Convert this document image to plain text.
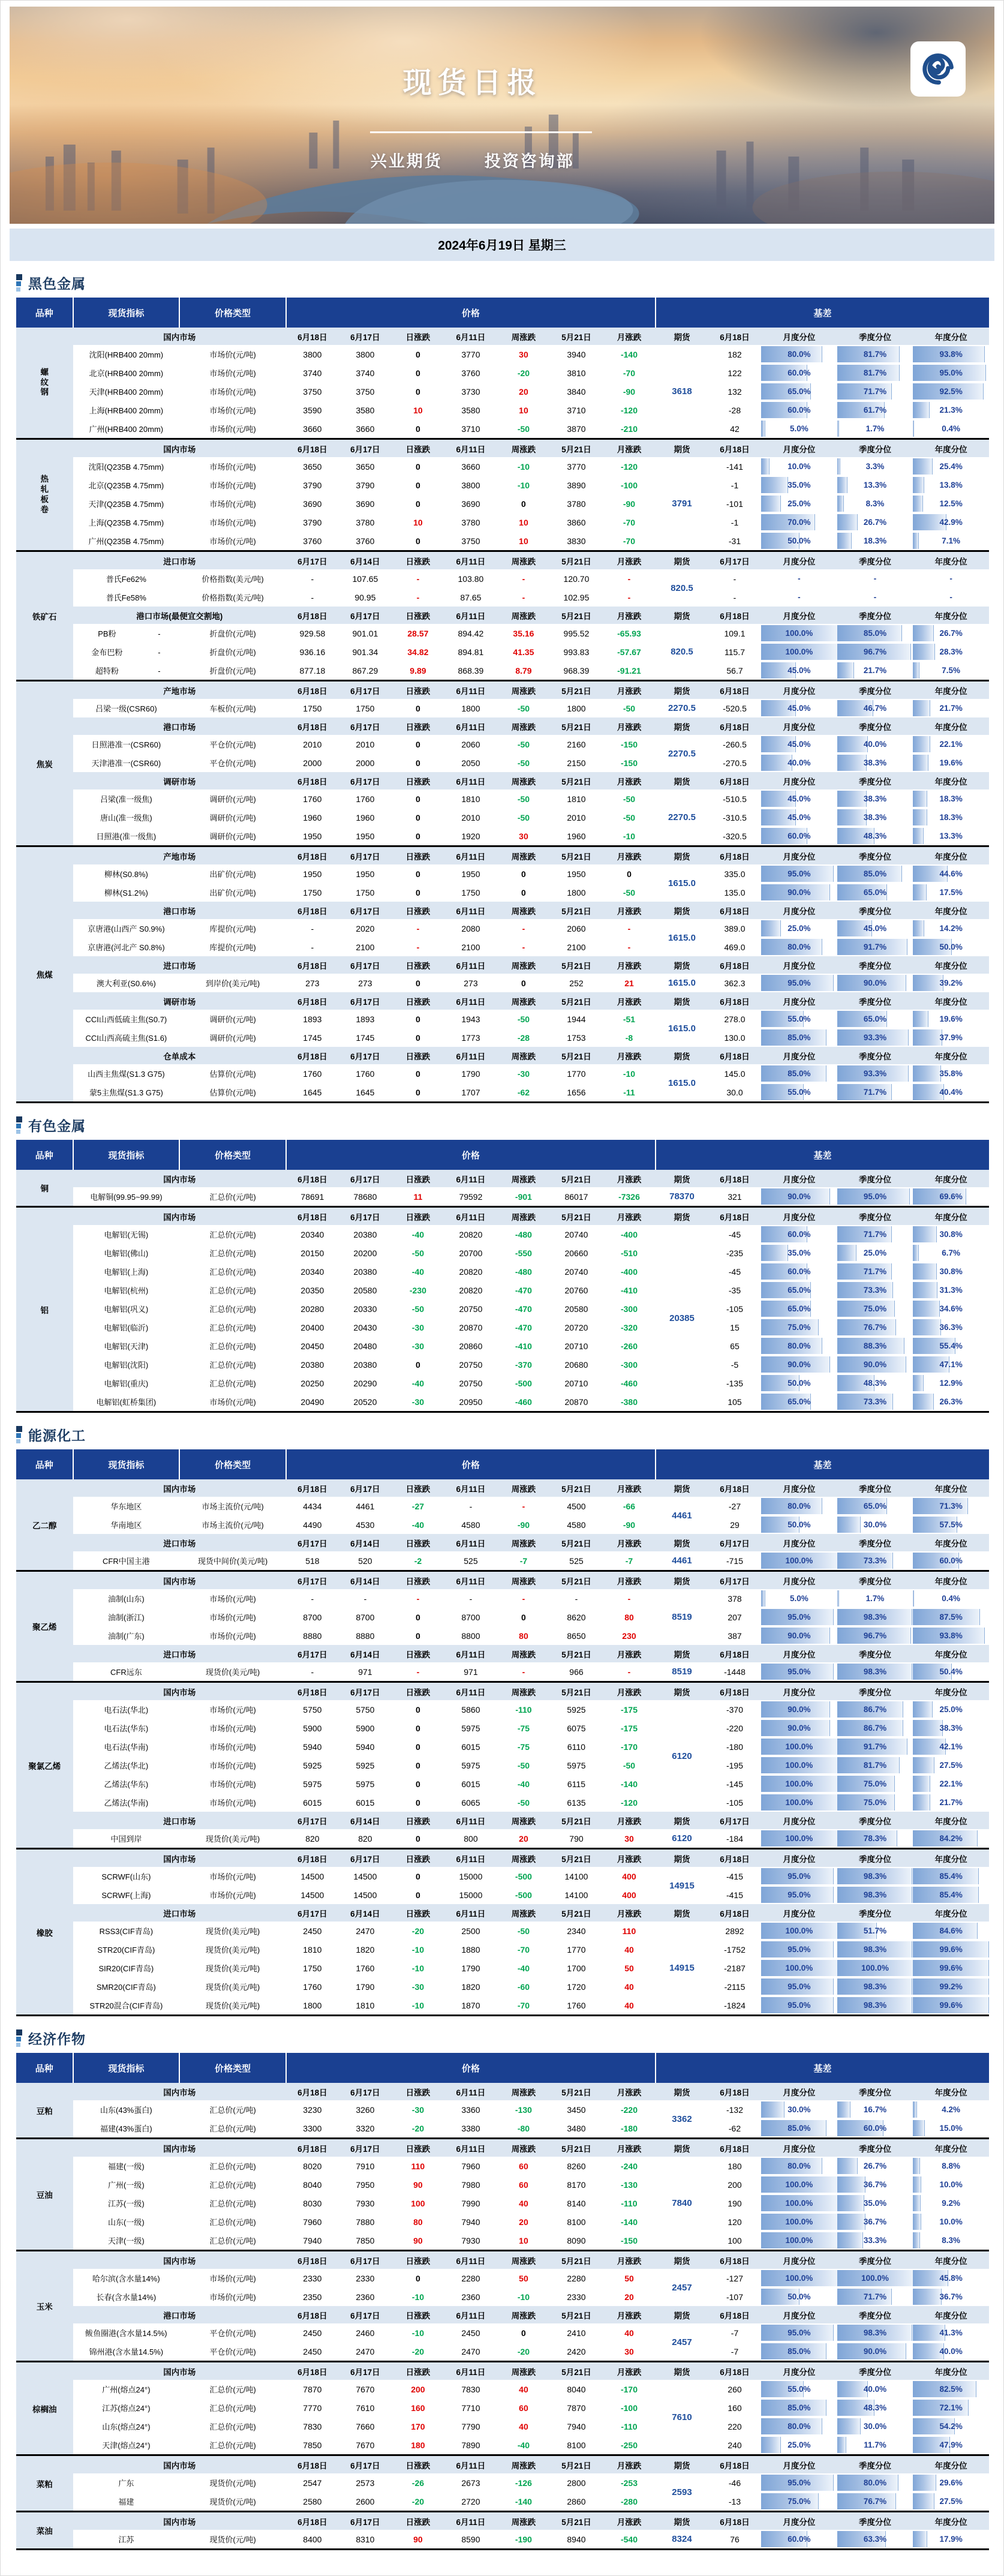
现货日报
兴业期货	投资咨询部
2024年6月19日 星期三
黑色金属
品种	现货指标	价格类型	价格							基差				

螺纹钢	国内市场		6月18日	6月17日	日涨跌	6月11日	周涨跌	5月21日	月涨跌	期货	6月18日	月度分位	季度分位	年度分位
	沈阳(HRB400 20mm)	市场价(元/吨)	3800	3800	0	3770	30	3940	-140	3618	182	80.0%	81.7%	93.8%

	北京(HRB400 20mm)	市场价(元/吨)	3740	3740	0	3760	-20	3810	-70		122	60.0%	81.7%	95.0%

	天津(HRB400 20mm)	市场价(元/吨)	3750	3750	0	3730	20	3840	-90		132	65.0%	71.7%	92.5%

	上海(HRB400 20mm)	市场价(元/吨)	3590	3580	10	3580	10	3710	-120		-28	60.0%	61.7%	21.3%

	广州(HRB400 20mm)	市场价(元/吨)	3660	3660	0	3710	-50	3870	-210		42	5.0%	1.7%	0.4%

热轧板卷	国内市场		6月18日	6月17日	日涨跌	6月11日	周涨跌	5月21日	月涨跌	期货	6月18日	月度分位	季度分位	年度分位
	沈阳(Q235B 4.75mm)	市场价(元/吨)	3650	3650	0	3660	-10	3770	-120	3791	-141	10.0%	3.3%	25.4%

	北京(Q235B 4.75mm)	市场价(元/吨)	3790	3790	0	3800	-10	3890	-100		-1	35.0%	13.3%	13.8%

	天津(Q235B 4.75mm)	市场价(元/吨)	3690	3690	0	3690	0	3780	-90		-101	25.0%	8.3%	12.5%

	上海(Q235B 4.75mm)	市场价(元/吨)	3790	3780	10	3780	10	3860	-70		-1	70.0%	26.7%	42.9%

	广州(Q235B 4.75mm)	市场价(元/吨)	3760	3760	0	3750	10	3830	-70		-31	50.0%	18.3%	7.1%

铁矿石	进口市场		6月17日	6月14日	日涨跌	6月11日	周涨跌	5月21日	月涨跌	期货	6月17日	月度分位	季度分位	年度分位
	普氏Fe62%	价格指数(美元/吨)	-	107.65	-	103.80	-	120.70	-	820.5	-	-	-	-

	普氏Fe58%	价格指数(美元/吨)	-	90.95	-	87.65	-	102.95	-		-	-	-	-

	港口市场(最便宜交割地)		6月18日	6月17日	日涨跌	6月11日	周涨跌	5月21日	月涨跌	期货	6月18日	月度分位	季度分位	年度分位
	PB粉 -	折盘价(元/吨)	929.58	901.01	28.57	894.42	35.16	995.52	-65.93	820.5	109.1	100.0%	85.0%	26.7%

	金布巴粉 -	折盘价(元/吨)	936.16	901.34	34.82	894.81	41.35	993.83	-57.67		115.7	100.0%	96.7%	28.3%

	超特粉 -	折盘价(元/吨)	877.18	867.29	9.89	868.39	8.79	968.39	-91.21		56.7	45.0%	21.7%	7.5%

焦炭	产地市场		6月18日	6月17日	日涨跌	6月11日	周涨跌	5月21日	月涨跌	期货	6月18日	月度分位	季度分位	年度分位
	吕梁一级(CSR60)	车板价(元/吨)	1750	1750	0	1800	-50	1800	-50	2270.5	-520.5	45.0%	46.7%	21.7%

	港口市场		6月18日	6月17日	日涨跌	6月11日	周涨跌	5月21日	月涨跌	期货	6月18日	月度分位	季度分位	年度分位
	日照港准一(CSR60)	平仓价(元/吨)	2010	2010	0	2060	-50	2160	-150	2270.5	-260.5	45.0%	40.0%	22.1%

	天津港准一(CSR60)	平仓价(元/吨)	2000	2000	0	2050	-50	2150	-150		-270.5	40.0%	38.3%	19.6%

	调研市场		6月18日	6月17日	日涨跌	6月11日	周涨跌	5月21日	月涨跌	期货	6月18日	月度分位	季度分位	年度分位
	吕梁(准一级焦)	调研价(元/吨)	1760	1760	0	1810	-50	1810	-50	2270.5	-510.5	45.0%	38.3%	18.3%

	唐山(准一级焦)	调研价(元/吨)	1960	1960	0	2010	-50	2010	-50		-310.5	45.0%	38.3%	18.3%

	日照港(准一级焦)	调研价(元/吨)	1950	1950	0	1920	30	1960	-10		-320.5	60.0%	48.3%	13.3%

焦煤	产地市场		6月18日	6月17日	日涨跌	6月11日	周涨跌	5月21日	月涨跌	期货	6月18日	月度分位	季度分位	年度分位
	柳林(S0.8%)	出矿价(元/吨)	1950	1950	0	1950	0	1950	0	1615.0	335.0	95.0%	85.0%	44.6%

	柳林(S1.2%)	出矿价(元/吨)	1750	1750	0	1750	0	1800	-50		135.0	90.0%	65.0%	17.5%

	港口市场		6月18日	6月17日	日涨跌	6月11日	周涨跌	5月21日	月涨跌	期货	6月18日	月度分位	季度分位	年度分位
	京唐港(山西产 S0.9%)	库提价(元/吨)	-	2020	-	2080	-	2060	-	1615.0	389.0	25.0%	45.0%	14.2%

	京唐港(河北产 S0.8%)	库提价(元/吨)	-	2100	-	2100	-	2100	-		469.0	80.0%	91.7%	50.0%

	进口市场		6月18日	6月17日	日涨跌	6月11日	周涨跌	5月21日	月涨跌	期货	6月18日	月度分位	季度分位	年度分位
	澳大利亚(S0.6%)	到岸价(美元/吨)	273	273	0	273	0	252	21	1615.0	362.3	95.0%	90.0%	39.2%

	调研市场		6月18日	6月17日	日涨跌	6月11日	周涨跌	5月21日	月涨跌	期货	6月18日	月度分位	季度分位	年度分位
	CCI山西低硫主焦(S0.7)	调研价(元/吨)	1893	1893	0	1943	-50	1944	-51	1615.0	278.0	55.0%	65.0%	19.6%

	CCI山西高硫主焦(S1.6)	调研价(元/吨)	1745	1745	0	1773	-28	1753	-8		130.0	85.0%	93.3%	37.9%

	仓单成本		6月18日	6月17日	日涨跌	6月11日	周涨跌	5月21日	月涨跌	期货	6月18日	月度分位	季度分位	年度分位
	山西主焦煤(S1.3 G75)	估算价(元/吨)	1760	1760	0	1790	-30	1770	-10	1615.0	145.0	85.0%	93.3%	35.8%

	蒙5主焦煤(S1.3 G75)	估算价(元/吨)	1645	1645	0	1707	-62	1656	-11		30.0	55.0%	71.7%	40.4%
有色金属
品种	现货指标	价格类型	价格							基差				

铜	国内市场		6月18日	6月17日	日涨跌	6月11日	周涨跌	5月21日	月涨跌	期货	6月18日	月度分位	季度分位	年度分位
	电解铜(99.95~99.99)	汇总价(元/吨)	78691	78680	11	79592	-901	86017	-7326	78370	321	90.0%	95.0%	69.6%

铝	国内市场		6月18日	6月17日	日涨跌	6月11日	周涨跌	5月21日	月涨跌	期货	6月18日	月度分位	季度分位	年度分位
	电解铝(无锡)	汇总价(元/吨)	20340	20380	-40	20820	-480	20740	-400	20385	-45	60.0%	71.7%	30.8%

	电解铝(佛山)	汇总价(元/吨)	20150	20200	-50	20700	-550	20660	-510		-235	35.0%	25.0%	6.7%

	电解铝(上海)	汇总价(元/吨)	20340	20380	-40	20820	-480	20740	-400		-45	60.0%	71.7%	30.8%

	电解铝(杭州)	汇总价(元/吨)	20350	20580	-230	20820	-470	20760	-410		-35	65.0%	73.3%	31.3%

	电解铝(巩义)	汇总价(元/吨)	20280	20330	-50	20750	-470	20580	-300		-105	65.0%	75.0%	34.6%

	电解铝(临沂)	汇总价(元/吨)	20400	20430	-30	20870	-470	20720	-320		15	75.0%	76.7%	36.3%

	电解铝(天津)	汇总价(元/吨)	20450	20480	-30	20860	-410	20710	-260		65	80.0%	88.3%	55.4%

	电解铝(沈阳)	汇总价(元/吨)	20380	20380	0	20750	-370	20680	-300		-5	90.0%	90.0%	47.1%

	电解铝(重庆)	汇总价(元/吨)	20250	20290	-40	20750	-500	20710	-460		-135	50.0%	48.3%	12.9%

	电解铝(虹桥集团)	市场价(元/吨)	20490	20520	-30	20950	-460	20870	-380		105	65.0%	73.3%	26.3%
能源化工
品种	现货指标	价格类型	价格							基差				

乙二醇	国内市场		6月18日	6月17日	日涨跌	6月11日	周涨跌	5月21日	月涨跌	期货	6月18日	月度分位	季度分位	年度分位
	华东地区	市场主流价(元/吨)	4434	4461	-27	-	-	4500	-66	4461	-27	80.0%	65.0%	71.3%

	华南地区	市场主流价(元/吨)	4490	4530	-40	4580	-90	4580	-90		29	50.0%	30.0%	57.5%

	进口市场		6月17日	6月14日	日涨跌	6月11日	周涨跌	5月21日	月涨跌	期货	6月17日	月度分位	季度分位	年度分位
	CFR中国主港	现货中间价(美元/吨)	518	520	-2	525	-7	525	-7	4461	-715	100.0%	73.3%	60.0%

聚乙烯	国内市场		6月17日	6月14日	日涨跌	6月11日	周涨跌	5月21日	月涨跌	期货	6月17日	月度分位	季度分位	年度分位
	油制(山东)	市场价(元/吨)	-	-	-	-	-	-	-	8519	378	5.0%	1.7%	0.4%

	油制(浙江)	市场价(元/吨)	8700	8700	0	8700	0	8620	80		207	95.0%	98.3%	87.5%

	油制(广东)	市场价(元/吨)	8880	8880	0	8800	80	8650	230		387	90.0%	96.7%	93.8%

	进口市场		6月17日	6月14日	日涨跌	6月11日	周涨跌	5月21日	月涨跌	期货	6月18日	月度分位	季度分位	年度分位
	CFR远东	现货价(美元/吨)	-	971	-	971	-	966	-	8519	-1448	95.0%	98.3%	50.4%

聚氯乙烯	国内市场		6月18日	6月17日	日涨跌	6月11日	周涨跌	5月21日	月涨跌	期货	6月18日	月度分位	季度分位	年度分位
	电石法(华北)	市场价(元/吨)	5750	5750	0	5860	-110	5925	-175	6120	-370	90.0%	86.7%	25.0%

	电石法(华东)	市场价(元/吨)	5900	5900	0	5975	-75	6075	-175		-220	90.0%	86.7%	38.3%

	电石法(华南)	市场价(元/吨)	5940	5940	0	6015	-75	6110	-170		-180	100.0%	91.7%	42.1%

	乙烯法(华北)	市场价(元/吨)	5925	5925	0	5975	-50	5975	-50		-195	100.0%	81.7%	27.5%

	乙烯法(华东)	市场价(元/吨)	5975	5975	0	6015	-40	6115	-140		-145	100.0%	75.0%	22.1%

	乙烯法(华南)	市场价(元/吨)	6015	6015	0	6065	-50	6135	-120		-105	100.0%	75.0%	21.7%

	进口市场		6月17日	6月14日	日涨跌	6月11日	周涨跌	5月21日	月涨跌	期货	6月17日	月度分位	季度分位	年度分位
	中国到岸	现货价(美元/吨)	820	820	0	800	20	790	30	6120	-184	100.0%	78.3%	84.2%

橡胶	国内市场		6月18日	6月17日	日涨跌	6月11日	周涨跌	5月21日	月涨跌	期货	6月18日	月度分位	季度分位	年度分位
	SCRWF(山东)	市场价(元/吨)	14500	14500	0	15000	-500	14100	400	14915	-415	95.0%	98.3%	85.4%

	SCRWF(上海)	市场价(元/吨)	14500	14500	0	15000	-500	14100	400		-415	95.0%	98.3%	85.4%

	进口市场		6月17日	6月14日	日涨跌	6月11日	周涨跌	5月21日	月涨跌	期货	6月18日	月度分位	季度分位	年度分位
	RSS3(CIF青岛)	现货价(美元/吨)	2450	2470	-20	2500	-50	2340	110	14915	2892	100.0%	51.7%	84.6%

	STR20(CIF青岛)	现货价(美元/吨)	1810	1820	-10	1880	-70	1770	40		-1752	95.0%	98.3%	99.6%

	SIR20(CIF青岛)	现货价(美元/吨)	1750	1760	-10	1790	-40	1700	50		-2187	100.0%	100.0%	99.6%

	SMR20(CIF青岛)	现货价(美元/吨)	1760	1790	-30	1820	-60	1720	40		-2115	95.0%	98.3%	99.2%

	STR20混合(CIF青岛)	现货价(美元/吨)	1800	1810	-10	1870	-70	1760	40		-1824	95.0%	98.3%	99.6%
经济作物
品种	现货指标	价格类型	价格							基差				

豆粕	国内市场		6月18日	6月17日	日涨跌	6月11日	周涨跌	5月21日	月涨跌	期货	6月18日	月度分位	季度分位	年度分位
	山东(43%蛋白)	汇总价(元/吨)	3230	3260	-30	3360	-130	3450	-220	3362	-132	30.0%	16.7%	4.2%

	福建(43%蛋白)	汇总价(元/吨)	3300	3320	-20	3380	-80	3480	-180		-62	85.0%	60.0%	15.0%

豆油	国内市场		6月18日	6月17日	日涨跌	6月11日	周涨跌	5月21日	月涨跌	期货	6月18日	月度分位	季度分位	年度分位
	福建(一级)	汇总价(元/吨)	8020	7910	110	7960	60	8260	-240	7840	180	80.0%	26.7%	8.8%

	广州(一级)	汇总价(元/吨)	8040	7950	90	7980	60	8170	-130		200	100.0%	36.7%	10.0%

	江苏(一级)	汇总价(元/吨)	8030	7930	100	7990	40	8140	-110		190	100.0%	35.0%	9.2%

	山东(一级)	汇总价(元/吨)	7960	7880	80	7940	20	8100	-140		120	100.0%	36.7%	10.0%

	天津(一级)	汇总价(元/吨)	7940	7850	90	7930	10	8090	-150		100	100.0%	33.3%	8.3%

玉米	国内市场		6月18日	6月17日	日涨跌	6月11日	周涨跌	5月21日	月涨跌	期货	6月18日	月度分位	季度分位	年度分位
	哈尔滨(含水量14%)	市场价(元/吨)	2330	2330	0	2280	50	2280	50	2457	-127	100.0%	100.0%	45.8%

	长春(含水量14%)	市场价(元/吨)	2350	2360	-10	2360	-10	2330	20		-107	50.0%	71.7%	36.7%

	港口市场		6月18日	6月17日	日涨跌	6月11日	周涨跌	5月21日	月涨跌	期货	6月18日	月度分位	季度分位	年度分位
	鲅鱼圈港(含水量14.5%)	平仓价(元/吨)	2450	2460	-10	2450	0	2410	40	2457	-7	95.0%	98.3%	41.3%

	锦州港(含水量14.5%)	平仓价(元/吨)	2450	2470	-20	2470	-20	2420	30		-7	85.0%	90.0%	40.0%

棕榈油	国内市场		6月18日	6月17日	日涨跌	6月11日	周涨跌	5月21日	月涨跌	期货	6月18日	月度分位	季度分位	年度分位
	广州(熔点24°)	汇总价(元/吨)	7870	7670	200	7830	40	8040	-170	7610	260	55.0%	40.0%	82.5%

	江苏(熔点24°)	汇总价(元/吨)	7770	7610	160	7710	60	7870	-100		160	85.0%	48.3%	72.1%

	山东(熔点24°)	汇总价(元/吨)	7830	7660	170	7790	40	7940	-110		220	80.0%	30.0%	54.2%

	天津(熔点24°)	汇总价(元/吨)	7850	7670	180	7890	-40	8100	-250		240	25.0%	11.7%	47.9%

菜粕	国内市场		6月18日	6月17日	日涨跌	6月11日	周涨跌	5月21日	月涨跌	期货	6月18日	月度分位	季度分位	年度分位
	广东	现货价(元/吨)	2547	2573	-26	2673	-126	2800	-253	2593	-46	95.0%	80.0%	29.6%

	福建	现货价(元/吨)	2580	2600	-20	2720	-140	2860	-280		-13	75.0%	76.7%	27.5%

菜油	国内市场		6月18日	6月17日	日涨跌	6月11日	周涨跌	5月21日	月涨跌	期货	6月18日	月度分位	季度分位	年度分位
	江苏	现货价(元/吨)	8400	8310	90	8590	-190	8940	-540	8324	76	60.0%	63.3%	17.9%
